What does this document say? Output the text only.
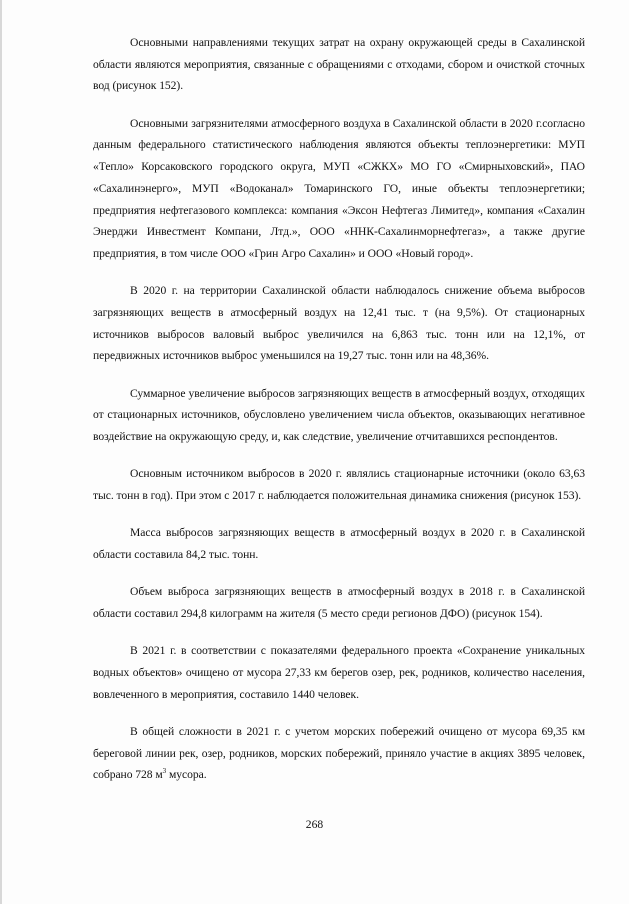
Основными направлениями текущих затрат на охрану окружающей среды в Сахалинской области являются мероприятия, связанные с обращениями с отходами, сбором и очисткой сточных вод (рисунок 152).

Основными загрязнителями атмосферного воздуха в Сахалинской области в 2020 г.согласно данным федерального статистического наблюдения являются объекты теплоэнергетики: МУП «Тепло» Корсаковского городского округа, МУП «СЖКХ» МО ГО «Смирныховский», ПАО «Сахалинэнерго», МУП «Водоканал» Томаринского ГО, иные объекты теплоэнергетики; предприятия нефтегазового комплекса: компания «Эксон Нефтегаз Лимитед», компания «Сахалин Энерджи Инвестмент Компани, Лтд.», ООО «ННК-Сахалинморнефтегаз», а также другие предприятия, в том числе ООО «Грин Агро Сахалин» и ООО «Новый город».

В 2020 г. на территории Сахалинской области наблюдалось снижение объема выбросов загрязняющих веществ в атмосферный воздух на 12,41 тыс. т (на 9,5%). От стационарных источников выбросов валовый выброс увеличился на 6,863 тыс. тонн или на 12,1%, от передвижных источников выброс уменьшился на 19,27 тыс. тонн или на 48,36%.

Суммарное увеличение выбросов загрязняющих веществ в атмосферный воздух, отходящих от стационарных источников, обусловлено увеличением числа объектов, оказывающих негативное воздействие на окружающую среду, и, как следствие, увеличение отчитавшихся респондентов.

Основным источником выбросов в 2020 г. являлись стационарные источники (около 63,63 тыс. тонн в год). При этом с 2017 г. наблюдается положительная динамика снижения (рисунок 153).

Масса выбросов загрязняющих веществ в атмосферный воздух в 2020 г. в Сахалинской области составила 84,2 тыс. тонн.

Объем выброса загрязняющих веществ в атмосферный воздух в 2018 г. в Сахалинской области составил 294,8 килограмм на жителя (5 место среди регионов ДФО) (рисунок 154).

В 2021 г. в соответствии с показателями федерального проекта «Сохранение уникальных водных объектов» очищено от мусора 27,33 км берегов озер, рек, родников, количество населения, вовлеченного в мероприятия, составило 1440 человек.

В общей сложности в 2021 г. с учетом морских побережий очищено от мусора 69,35 км береговой линии рек, озер, родников, морских побережий, приняло участие в акциях 3895 человек, собрано 728 $м^3$ мусора.

268
